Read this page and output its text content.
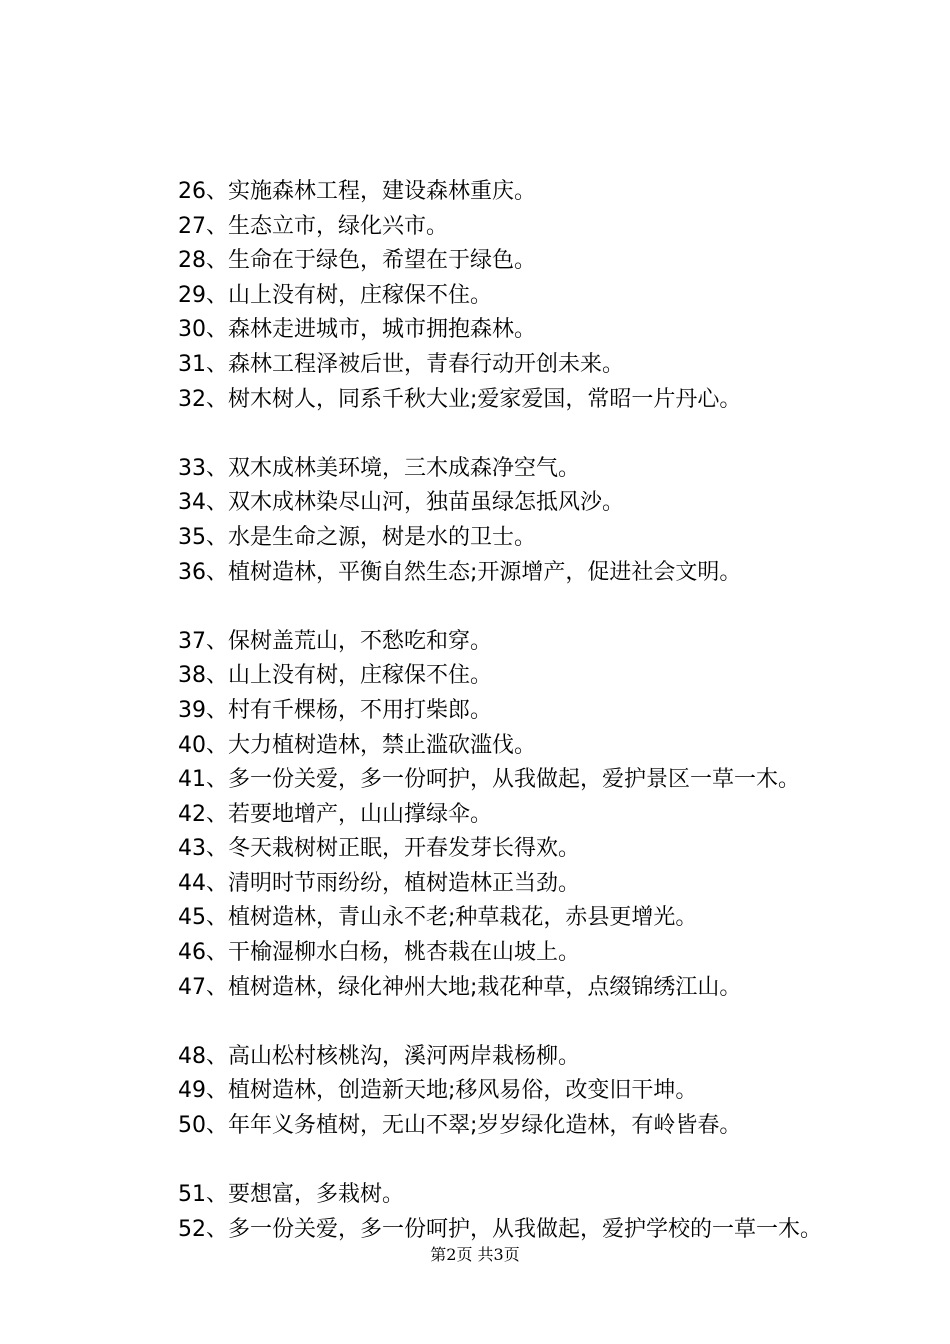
26、实施森林工程，建设森林重庆。
27、生态立市，绿化兴市。
28、生命在于绿色，希望在于绿色。
29、山上没有树，庄稼保不住。
30、森林走进城市，城市拥抱森林。
31、森林工程泽被后世，青春行动开创未来。
32、树木树人，同系千秋大业;爱家爱国，常昭一片丹心。
33、双木成林美环境，三木成森净空气。
34、双木成林染尽山河，独苗虽绿怎抵风沙。
35、水是生命之源，树是水的卫士。
36、植树造林，平衡自然生态;开源增产，促进社会文明。
37、保树盖荒山，不愁吃和穿。
38、山上没有树，庄稼保不住。
39、村有千棵杨，不用打柴郎。
40、大力植树造林，禁止滥砍滥伐。
41、多一份关爱，多一份呵护，从我做起，爱护景区一草一木。
42、若要地增产，山山撑绿伞。
43、冬天栽树树正眠，开春发芽长得欢。
44、清明时节雨纷纷，植树造林正当劲。
45、植树造林，青山永不老;种草栽花，赤县更增光。
46、干榆湿柳水白杨，桃杏栽在山坡上。
47、植树造林，绿化神州大地;栽花种草，点缀锦绣江山。
48、高山松村核桃沟，溪河两岸栽杨柳。
49、植树造林，创造新天地;移风易俗，改变旧干坤。
50、年年义务植树，无山不翠;岁岁绿化造林，有岭皆春。
51、要想富，多栽树。
52、多一份关爱，多一份呵护，从我做起，爱护学校的一草一木。
第2页 共3页
